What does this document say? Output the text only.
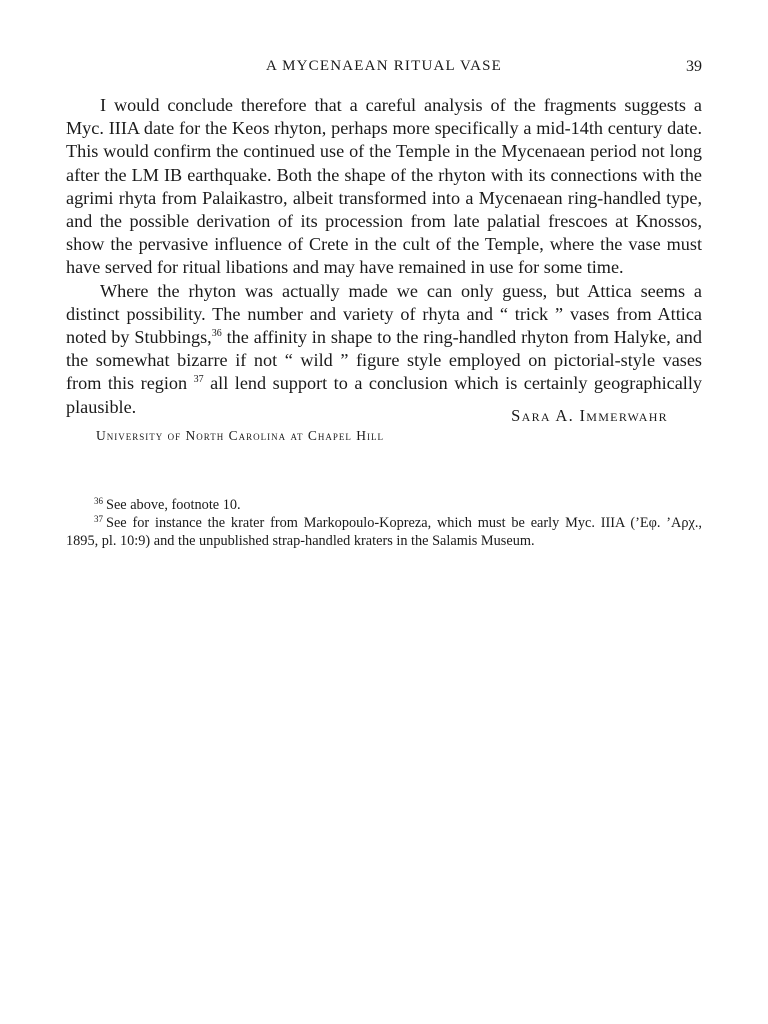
A MYCENAEAN RITUAL VASE	39

I would conclude therefore that a careful analysis of the fragments suggests a Myc. IIIA date for the Keos rhyton, perhaps more specifically a mid-14th century date. This would confirm the continued use of the Temple in the Mycenaean period not long after the LM IB earthquake. Both the shape of the rhyton with its connections with the agrimi rhyta from Palaikastro, albeit transformed into a Mycenaean ring-handled type, and the possible derivation of its procession from late palatial frescoes at Knossos, show the pervasive influence of Crete in the cult of the Temple, where the vase must have served for ritual libations and may have remained in use for some time.

Where the rhyton was actually made we can only guess, but Attica seems a distinct possibility. The number and variety of rhyta and “ trick ” vases from Attica noted by Stubbings,$^{36}$ the affinity in shape to the ring-handled rhyton from Halyke, and the somewhat bizarre if not “ wild ” figure style employed on pictorial-style vases from this region $^{37}$ all lend support to a conclusion which is certainly geographically plausible.	Sara A. Immerwahr
University of North Carolina at Chapel Hill

$^{36}$ See above, footnote 10.

$^{37}$ See for instance the krater from Markopoulo-Kopreza, which must be early Myc. IIIA (’Eφ. ’Aρχ., 1895, pl. 10:9) and the unpublished strap-handled kraters in the Salamis Museum.
